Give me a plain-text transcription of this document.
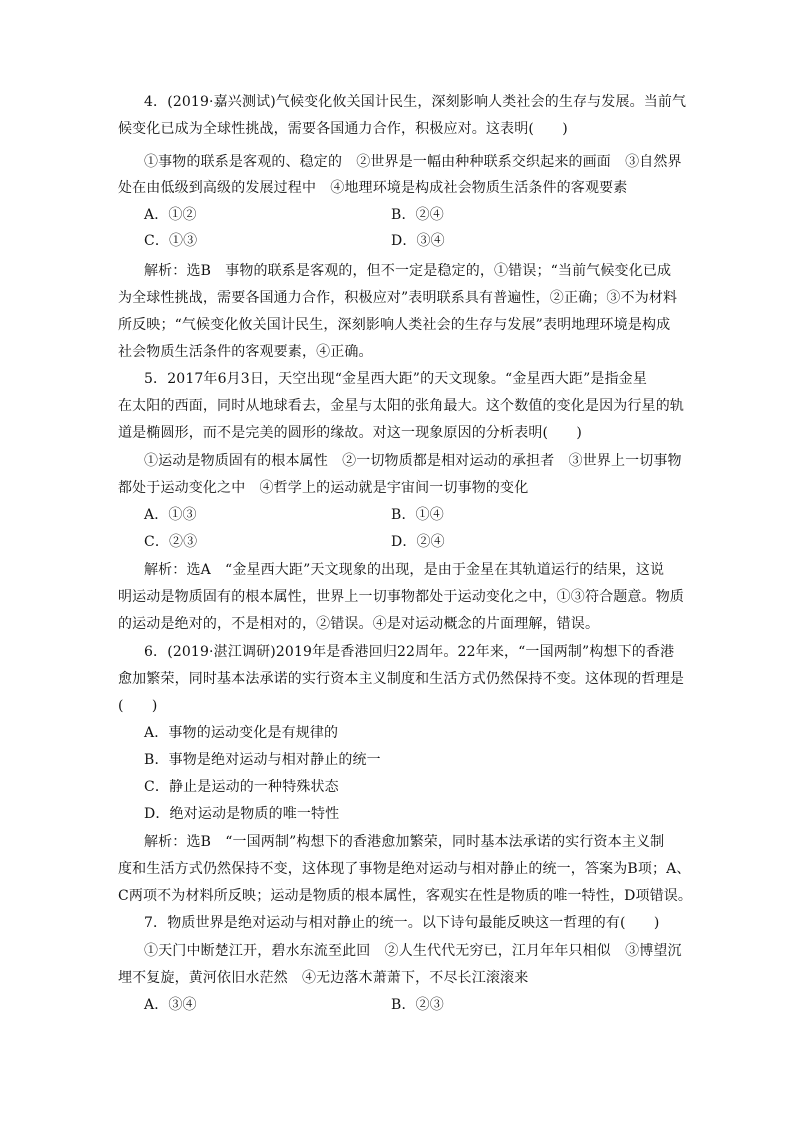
4．(2019·嘉兴测试)气候变化攸关国计民生，深刻影响人类社会的生存与发展。当前气
候变化已成为全球性挑战，需要各国通力合作，积极应对。这表明(　　)
①事物的联系是客观的、稳定的　②世界是一幅由种种联系交织起来的画面　③自然界
处在由低级到高级的发展过程中　④地理环境是构成社会物质生活条件的客观要素
A．①②	B．②④
C．①③	D．③④
解析：选B　事物的联系是客观的，但不一定是稳定的，①错误；“当前气候变化已成
为全球性挑战，需要各国通力合作，积极应对”表明联系具有普遍性，②正确；③不为材料
所反映；“气候变化攸关国计民生，深刻影响人类社会的生存与发展”表明地理环境是构成
社会物质生活条件的客观要素，④正确。
5．2017年6月3日，天空出现“金星西大距”的天文现象。“金星西大距”是指金星
在太阳的西面，同时从地球看去，金星与太阳的张角最大。这个数值的变化是因为行星的轨
道是椭圆形，而不是完美的圆形的缘故。对这一现象原因的分析表明(　　)
①运动是物质固有的根本属性　②一切物质都是相对运动的承担者　③世界上一切事物
都处于运动变化之中　④哲学上的运动就是宇宙间一切事物的变化
A．①③	B．①④
C．②③	D．②④
解析：选A　“金星西大距”天文现象的出现，是由于金星在其轨道运行的结果，这说
明运动是物质固有的根本属性，世界上一切事物都处于运动变化之中，①③符合题意。物质
的运动是绝对的，不是相对的，②错误。④是对运动概念的片面理解，错误。
6．(2019·湛江调研)2019年是香港回归22周年。22年来，“一国两制”构想下的香港
愈加繁荣，同时基本法承诺的实行资本主义制度和生活方式仍然保持不变。这体现的哲理是
(　　)
A．事物的运动变化是有规律的
B．事物是绝对运动与相对静止的统一
C．静止是运动的一种特殊状态
D．绝对运动是物质的唯一特性
解析：选B　“一国两制”构想下的香港愈加繁荣，同时基本法承诺的实行资本主义制
度和生活方式仍然保持不变，这体现了事物是绝对运动与相对静止的统一，答案为B项；A、
C两项不为材料所反映；运动是物质的根本属性，客观实在性是物质的唯一特性，D项错误。
7．物质世界是绝对运动与相对静止的统一。以下诗句最能反映这一哲理的有(　　)
①天门中断楚江开，碧水东流至此回　②人生代代无穷已，江月年年只相似　③博望沉
埋不复旋，黄河依旧水茫然　④无边落木萧萧下，不尽长江滚滚来
A．③④	B．②③
